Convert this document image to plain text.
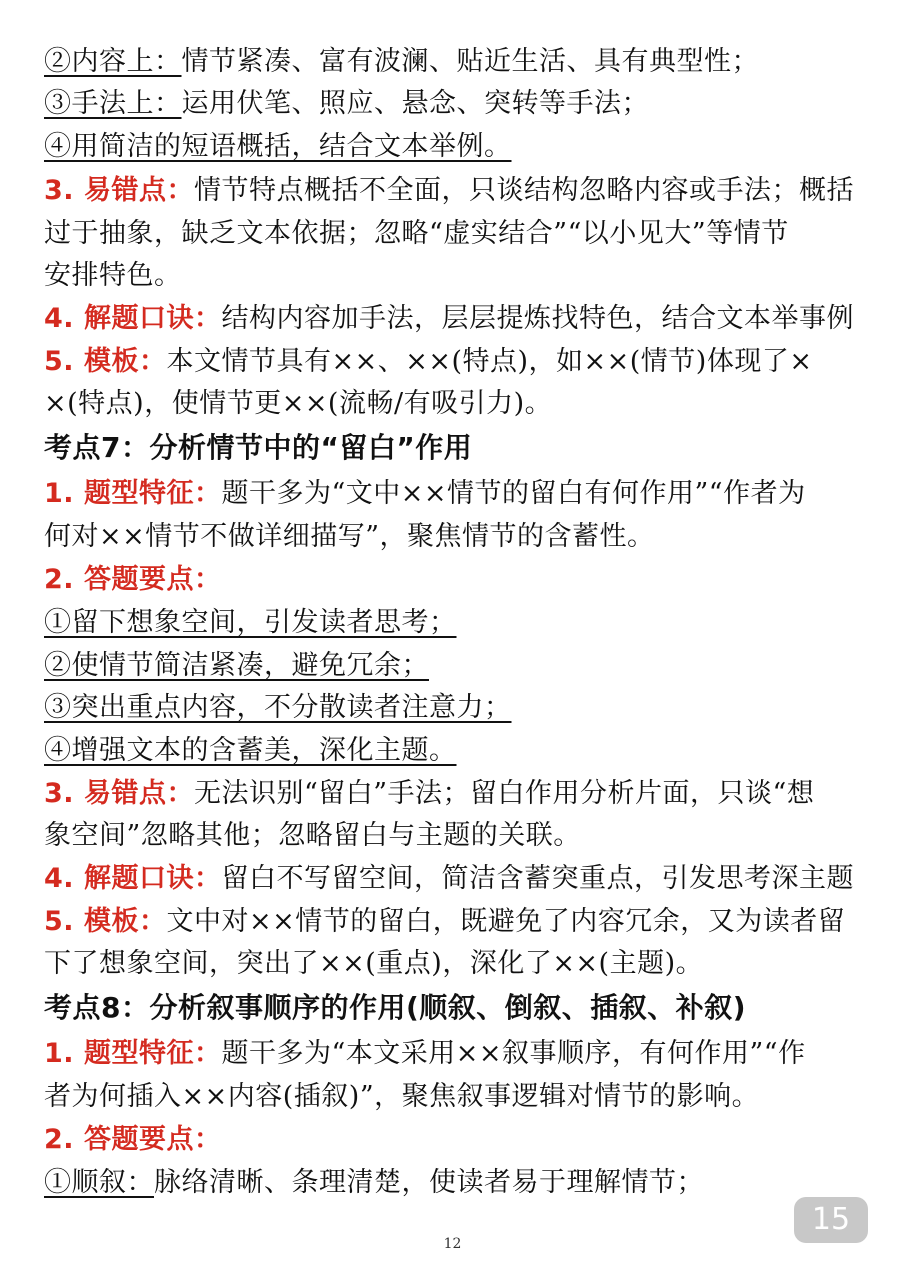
②内容上：情节紧凑、富有波澜、贴近生活、具有典型性；
③手法上：运用伏笔、照应、悬念、突转等手法；
④用简洁的短语概括，结合文本举例。
3. 易错点：情节特点概括不全面，只谈结构忽略内容或手法；概括
过于抽象，缺乏文本依据；忽略“虚实结合”“以小见大”等情节
安排特色。
4. 解题口诀：结构内容加手法，层层提炼找特色，结合文本举事例
5. 模板：本文情节具有××、××(特点)，如××(情节)体现了×
×(特点)，使情节更××(流畅/有吸引力)。
考点7：分析情节中的“留白”作用
1. 题型特征：题干多为“文中××情节的留白有何作用”“作者为
何对××情节不做详细描写”，聚焦情节的含蓄性。
2. 答题要点：
①留下想象空间，引发读者思考；
②使情节简洁紧凑，避免冗余；
③突出重点内容，不分散读者注意力；
④增强文本的含蓄美，深化主题。
3. 易错点：无法识别“留白”手法；留白作用分析片面，只谈“想
象空间”忽略其他；忽略留白与主题的关联。
4. 解题口诀：留白不写留空间，简洁含蓄突重点，引发思考深主题
5. 模板：文中对××情节的留白，既避免了内容冗余，又为读者留
下了想象空间，突出了××(重点)，深化了××(主题)。
考点8：分析叙事顺序的作用(顺叙、倒叙、插叙、补叙)
1. 题型特征：题干多为“本文采用××叙事顺序，有何作用”“作
者为何插入××内容(插叙)”，聚焦叙事逻辑对情节的影响。
2. 答题要点：
①顺叙：脉络清晰、条理清楚，使读者易于理解情节；
15
12
